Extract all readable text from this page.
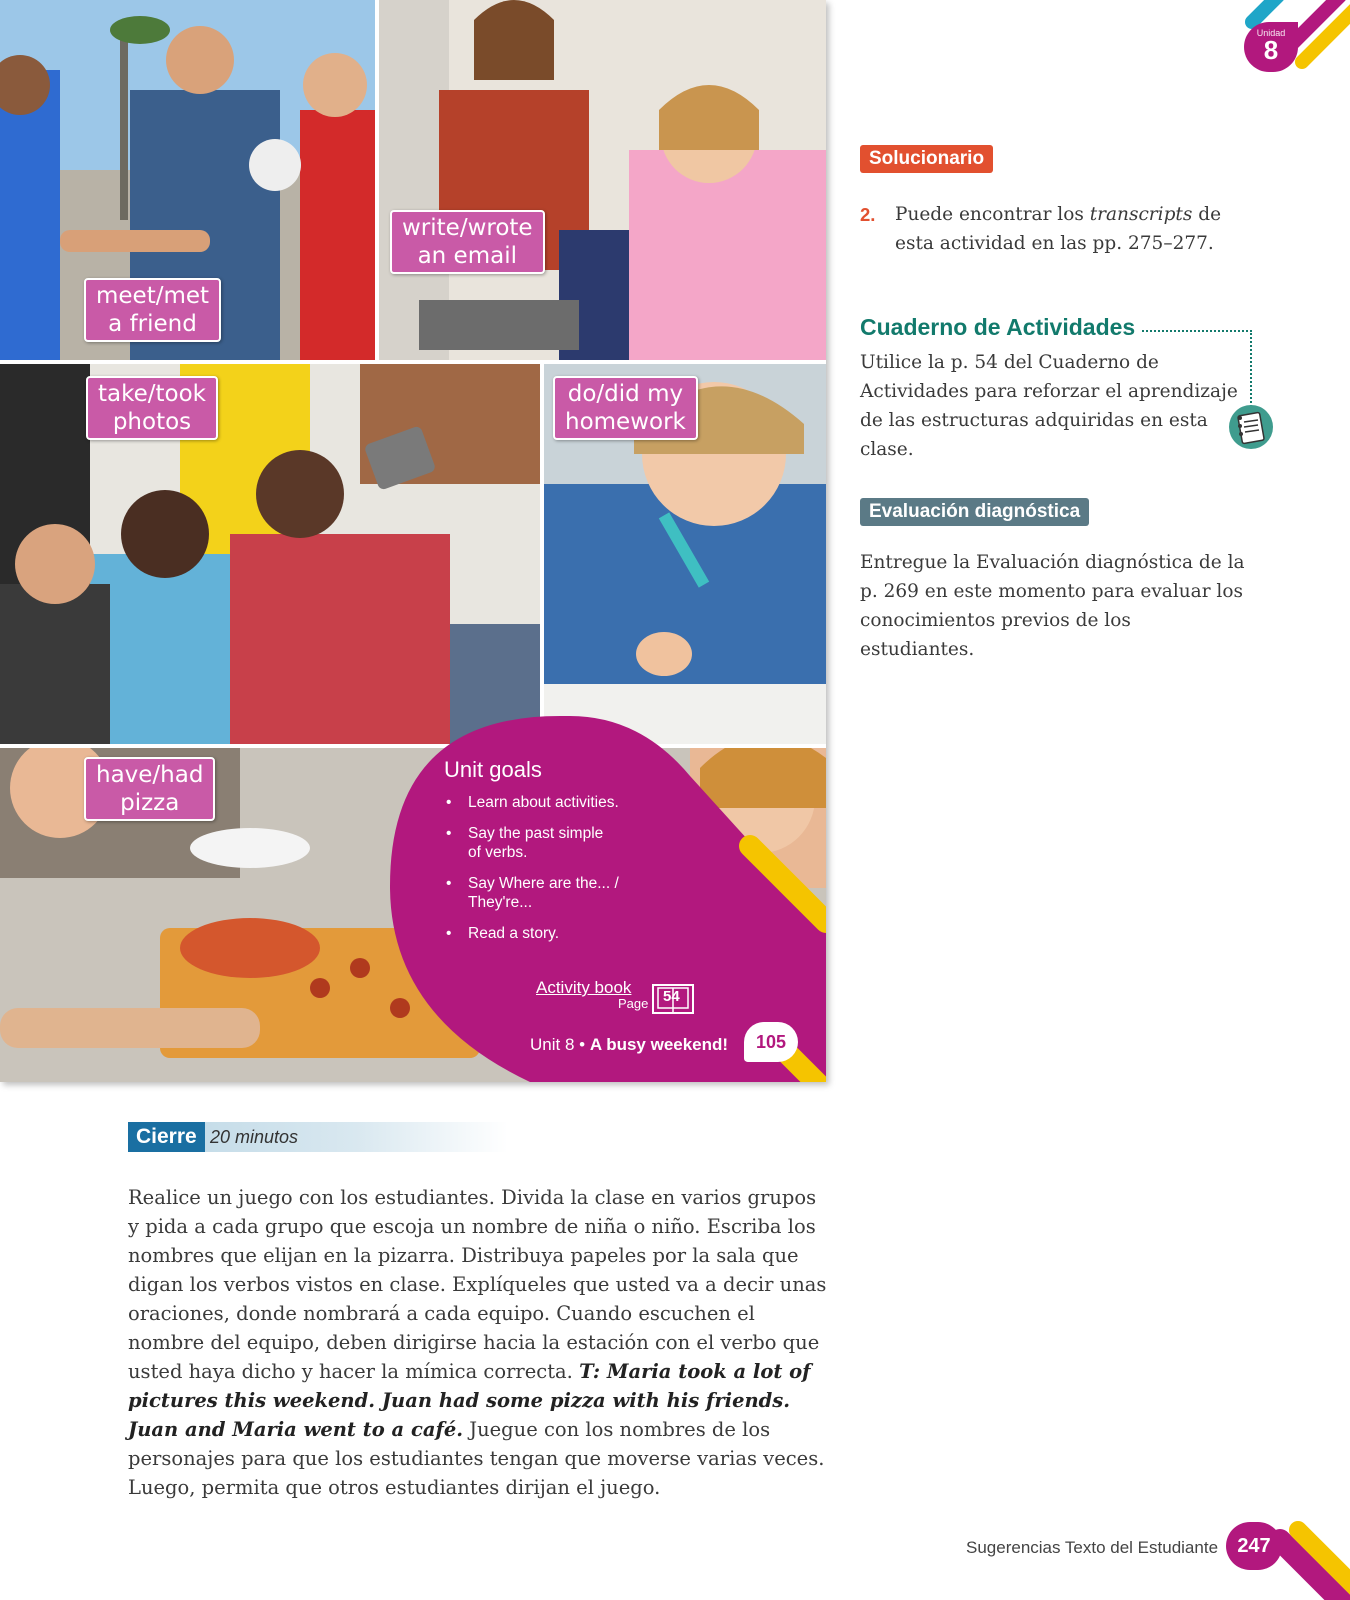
Unidad
8
meet/met
a friend
write/wrote
an email
take/took
photos
do/did my
homework
have/had
pizza
Unit goals
• Learn about activities.
• Say the past simple of verbs.
• Say Where are the... / They're...
• Read a story.
Activity book
Page 54
Unit 8 • A busy weekend!	105
Solucionario
2. Puede encontrar los transcripts de esta actividad en las pp. 275–277.
Cuaderno de Actividades
Utilice la p. 54 del Cuaderno de Actividades para reforzar el aprendizaje de las estructuras adquiridas en esta clase.
Evaluación diagnóstica
Entregue la Evaluación diagnóstica de la p. 269 en este momento para evaluar los conocimientos previos de los estudiantes.
Cierre 20 minutos
Realice un juego con los estudiantes. Divida la clase en varios grupos y pida a cada grupo que escoja un nombre de niña o niño. Escriba los nombres que elijan en la pizarra. Distribuya papeles por la sala que digan los verbos vistos en clase. Explíqueles que usted va a decir unas oraciones, donde nombrará a cada equipo. Cuando escuchen el nombre del equipo, deben dirigirse hacia la estación con el verbo que usted haya dicho y hacer la mímica correcta. T: Maria took a lot of pictures this weekend. Juan had some pizza with his friends. Juan and Maria went to a café. Juegue con los nombres de los personajes para que los estudiantes tengan que moverse varias veces. Luego, permita que otros estudiantes dirijan el juego.
Sugerencias Texto del Estudiante 247
